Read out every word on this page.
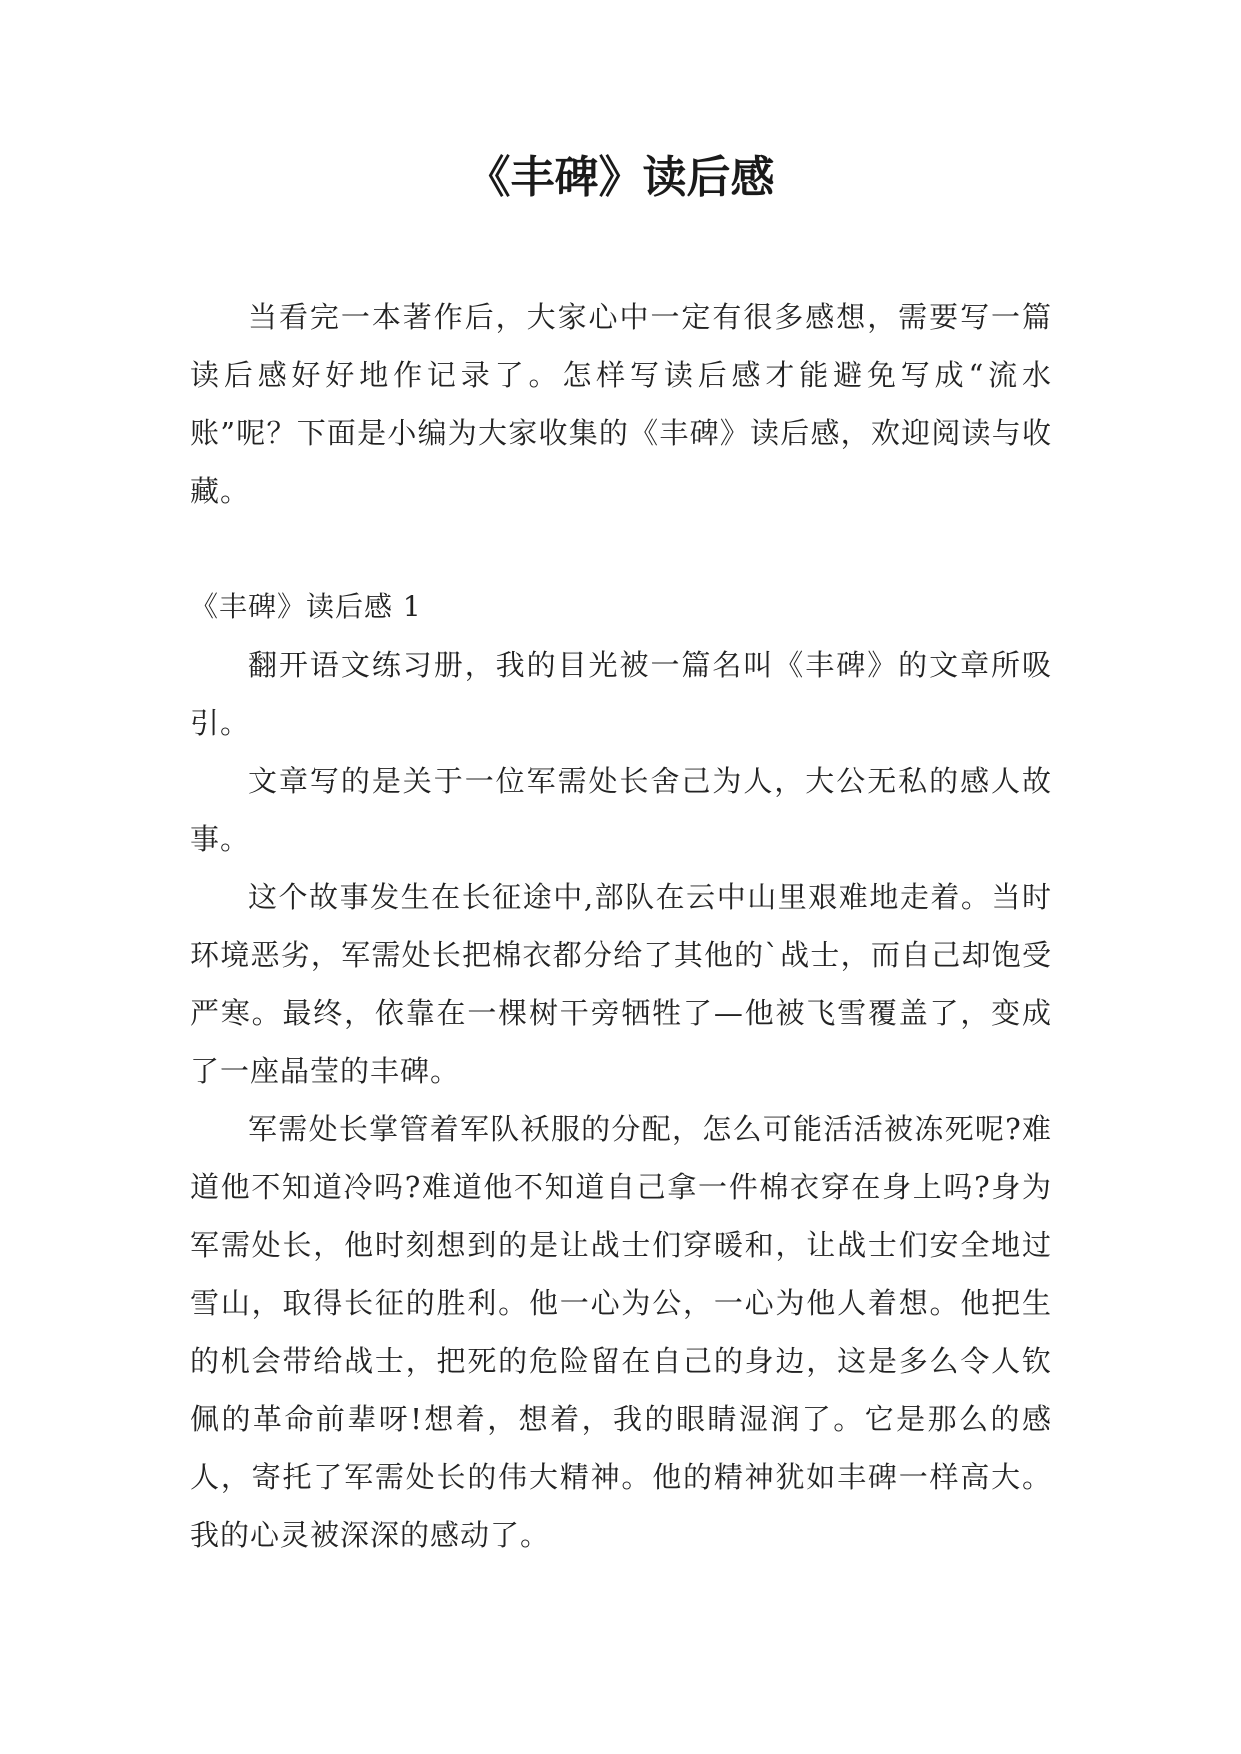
《丰碑》读后感

当看完一本著作后，大家心中一定有很多感想，需要写一篇读后感好好地作记录了。怎样写读后感才能避免写成“流水账”呢？下面是小编为大家收集的《丰碑》读后感，欢迎阅读与收藏。

《丰碑》读后感 1

翻开语文练习册，我的目光被一篇名叫《丰碑》的文章所吸引。

文章写的是关于一位军需处长舍己为人，大公无私的感人故事。

这个故事发生在长征途中,部队在云中山里艰难地走着。当时环境恶劣，军需处长把棉衣都分给了其他的`战士，而自己却饱受严寒。最终，依靠在一棵树干旁牺牲了—他被飞雪覆盖了，变成了一座晶莹的丰碑。

军需处长掌管着军队袄服的分配，怎么可能活活被冻死呢?难道他不知道冷吗?难道他不知道自己拿一件棉衣穿在身上吗?身为军需处长，他时刻想到的是让战士们穿暖和，让战士们安全地过雪山，取得长征的胜利。他一心为公，一心为他人着想。他把生的机会带给战士，把死的危险留在自己的身边，这是多么令人钦佩的革命前辈呀!想着，想着，我的眼睛湿润了。它是那么的感人，寄托了军需处长的伟大精神。他的精神犹如丰碑一样高大。我的心灵被深深的感动了。
